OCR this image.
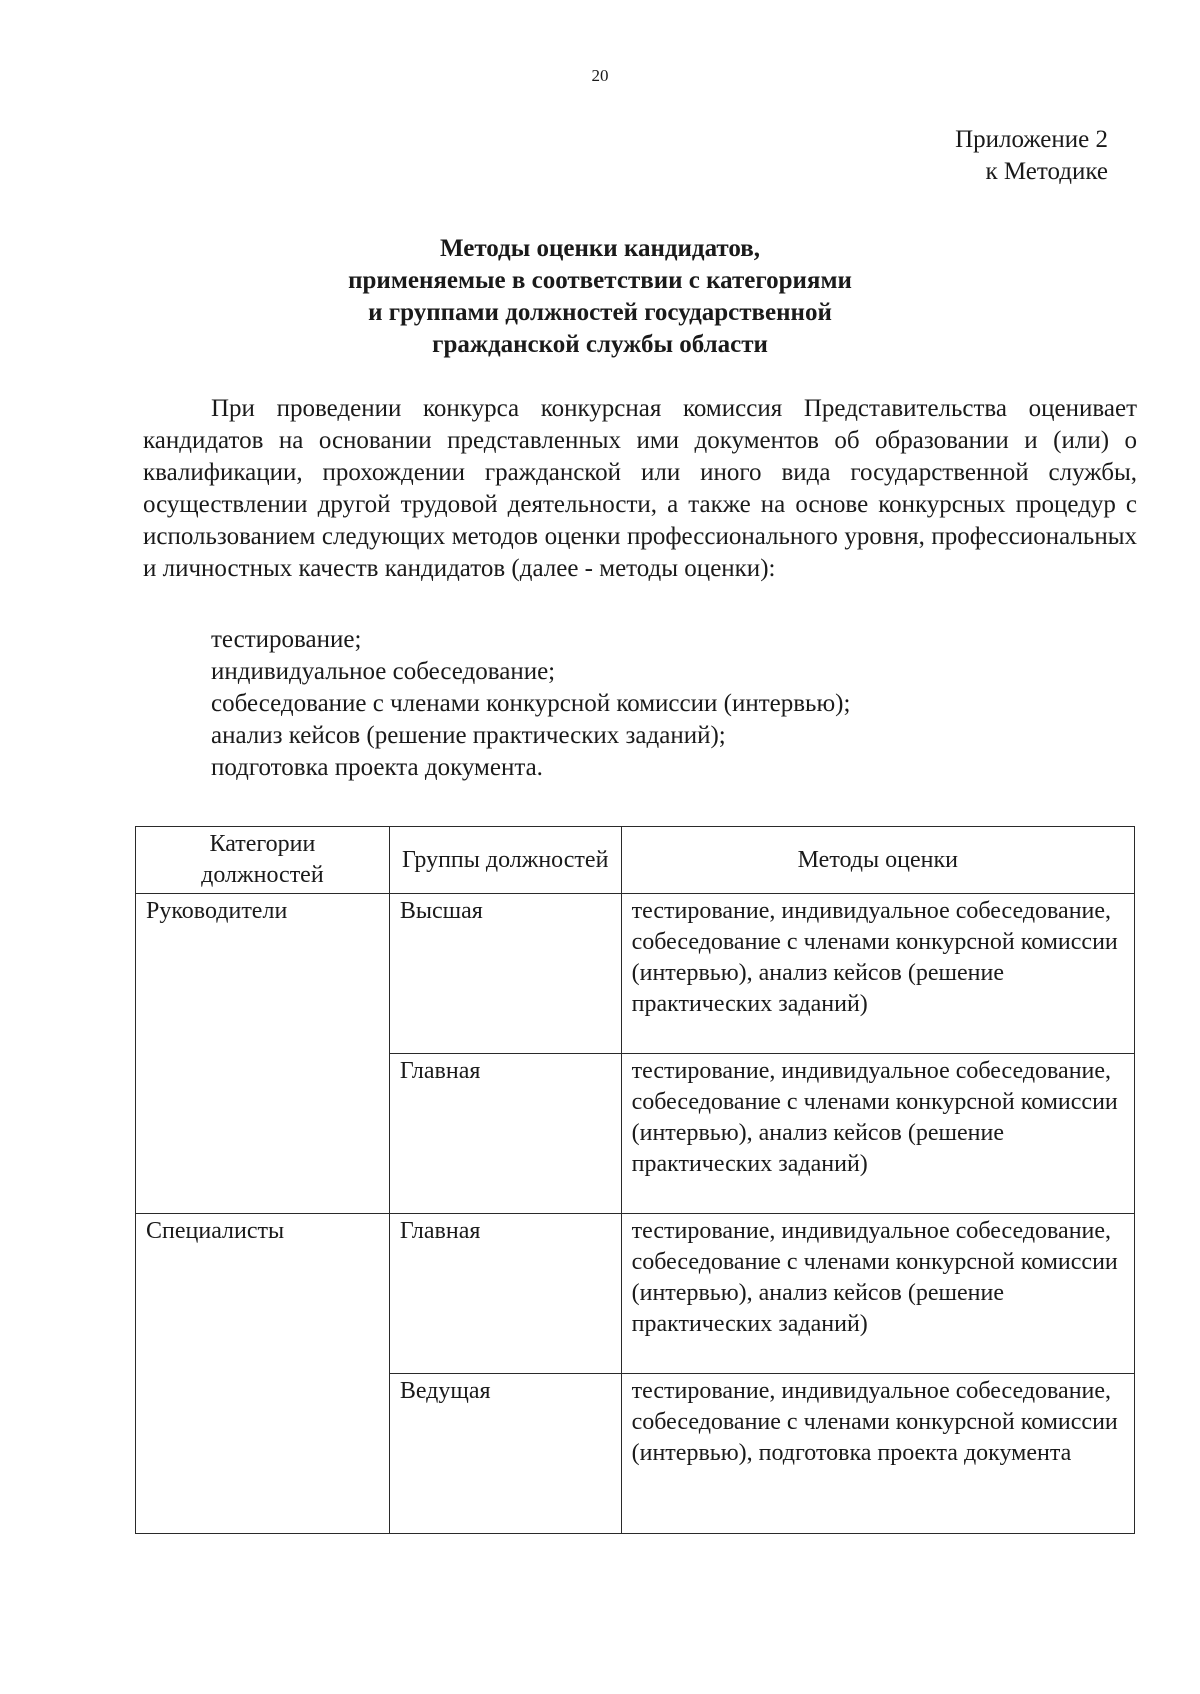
20
Приложение 2
к Методике
Методы оценки кандидатов,
применяемые в соответствии с категориями
и группами должностей государственной
гражданской службы области

При проведении конкурса конкурсная комиссия Представительства оценивает кандидатов на основании представленных ими документов об образовании и (или) о квалификации, прохождении гражданской или иного вида государственной службы, осуществлении другой трудовой деятельности, а также на основе конкурсных процедур с использованием следующих методов оценки профессионального уровня, профессиональных и личностных качеств кандидатов (далее - методы оценки):

тестирование;
индивидуальное собеседование;
собеседование с членами конкурсной комиссии (интервью);
анализ кейсов (решение практических заданий);
подготовка проекта документа.
Категории должностей	Группы должностей	Методы оценки
Руководители	Высшая	тестирование, индивидуальное собеседование, собеседование с членами конкурсной комиссии (интервью), анализ кейсов (решение практических заданий)
	Главная	тестирование, индивидуальное собеседование, собеседование с членами конкурсной комиссии (интервью), анализ кейсов (решение практических заданий)
Специалисты	Главная	тестирование, индивидуальное собеседование, собеседование с членами конкурсной комиссии (интервью), анализ кейсов (решение практических заданий)
	Ведущая	тестирование, индивидуальное собеседование, собеседование с членами конкурсной комиссии (интервью), подготовка проекта документа
